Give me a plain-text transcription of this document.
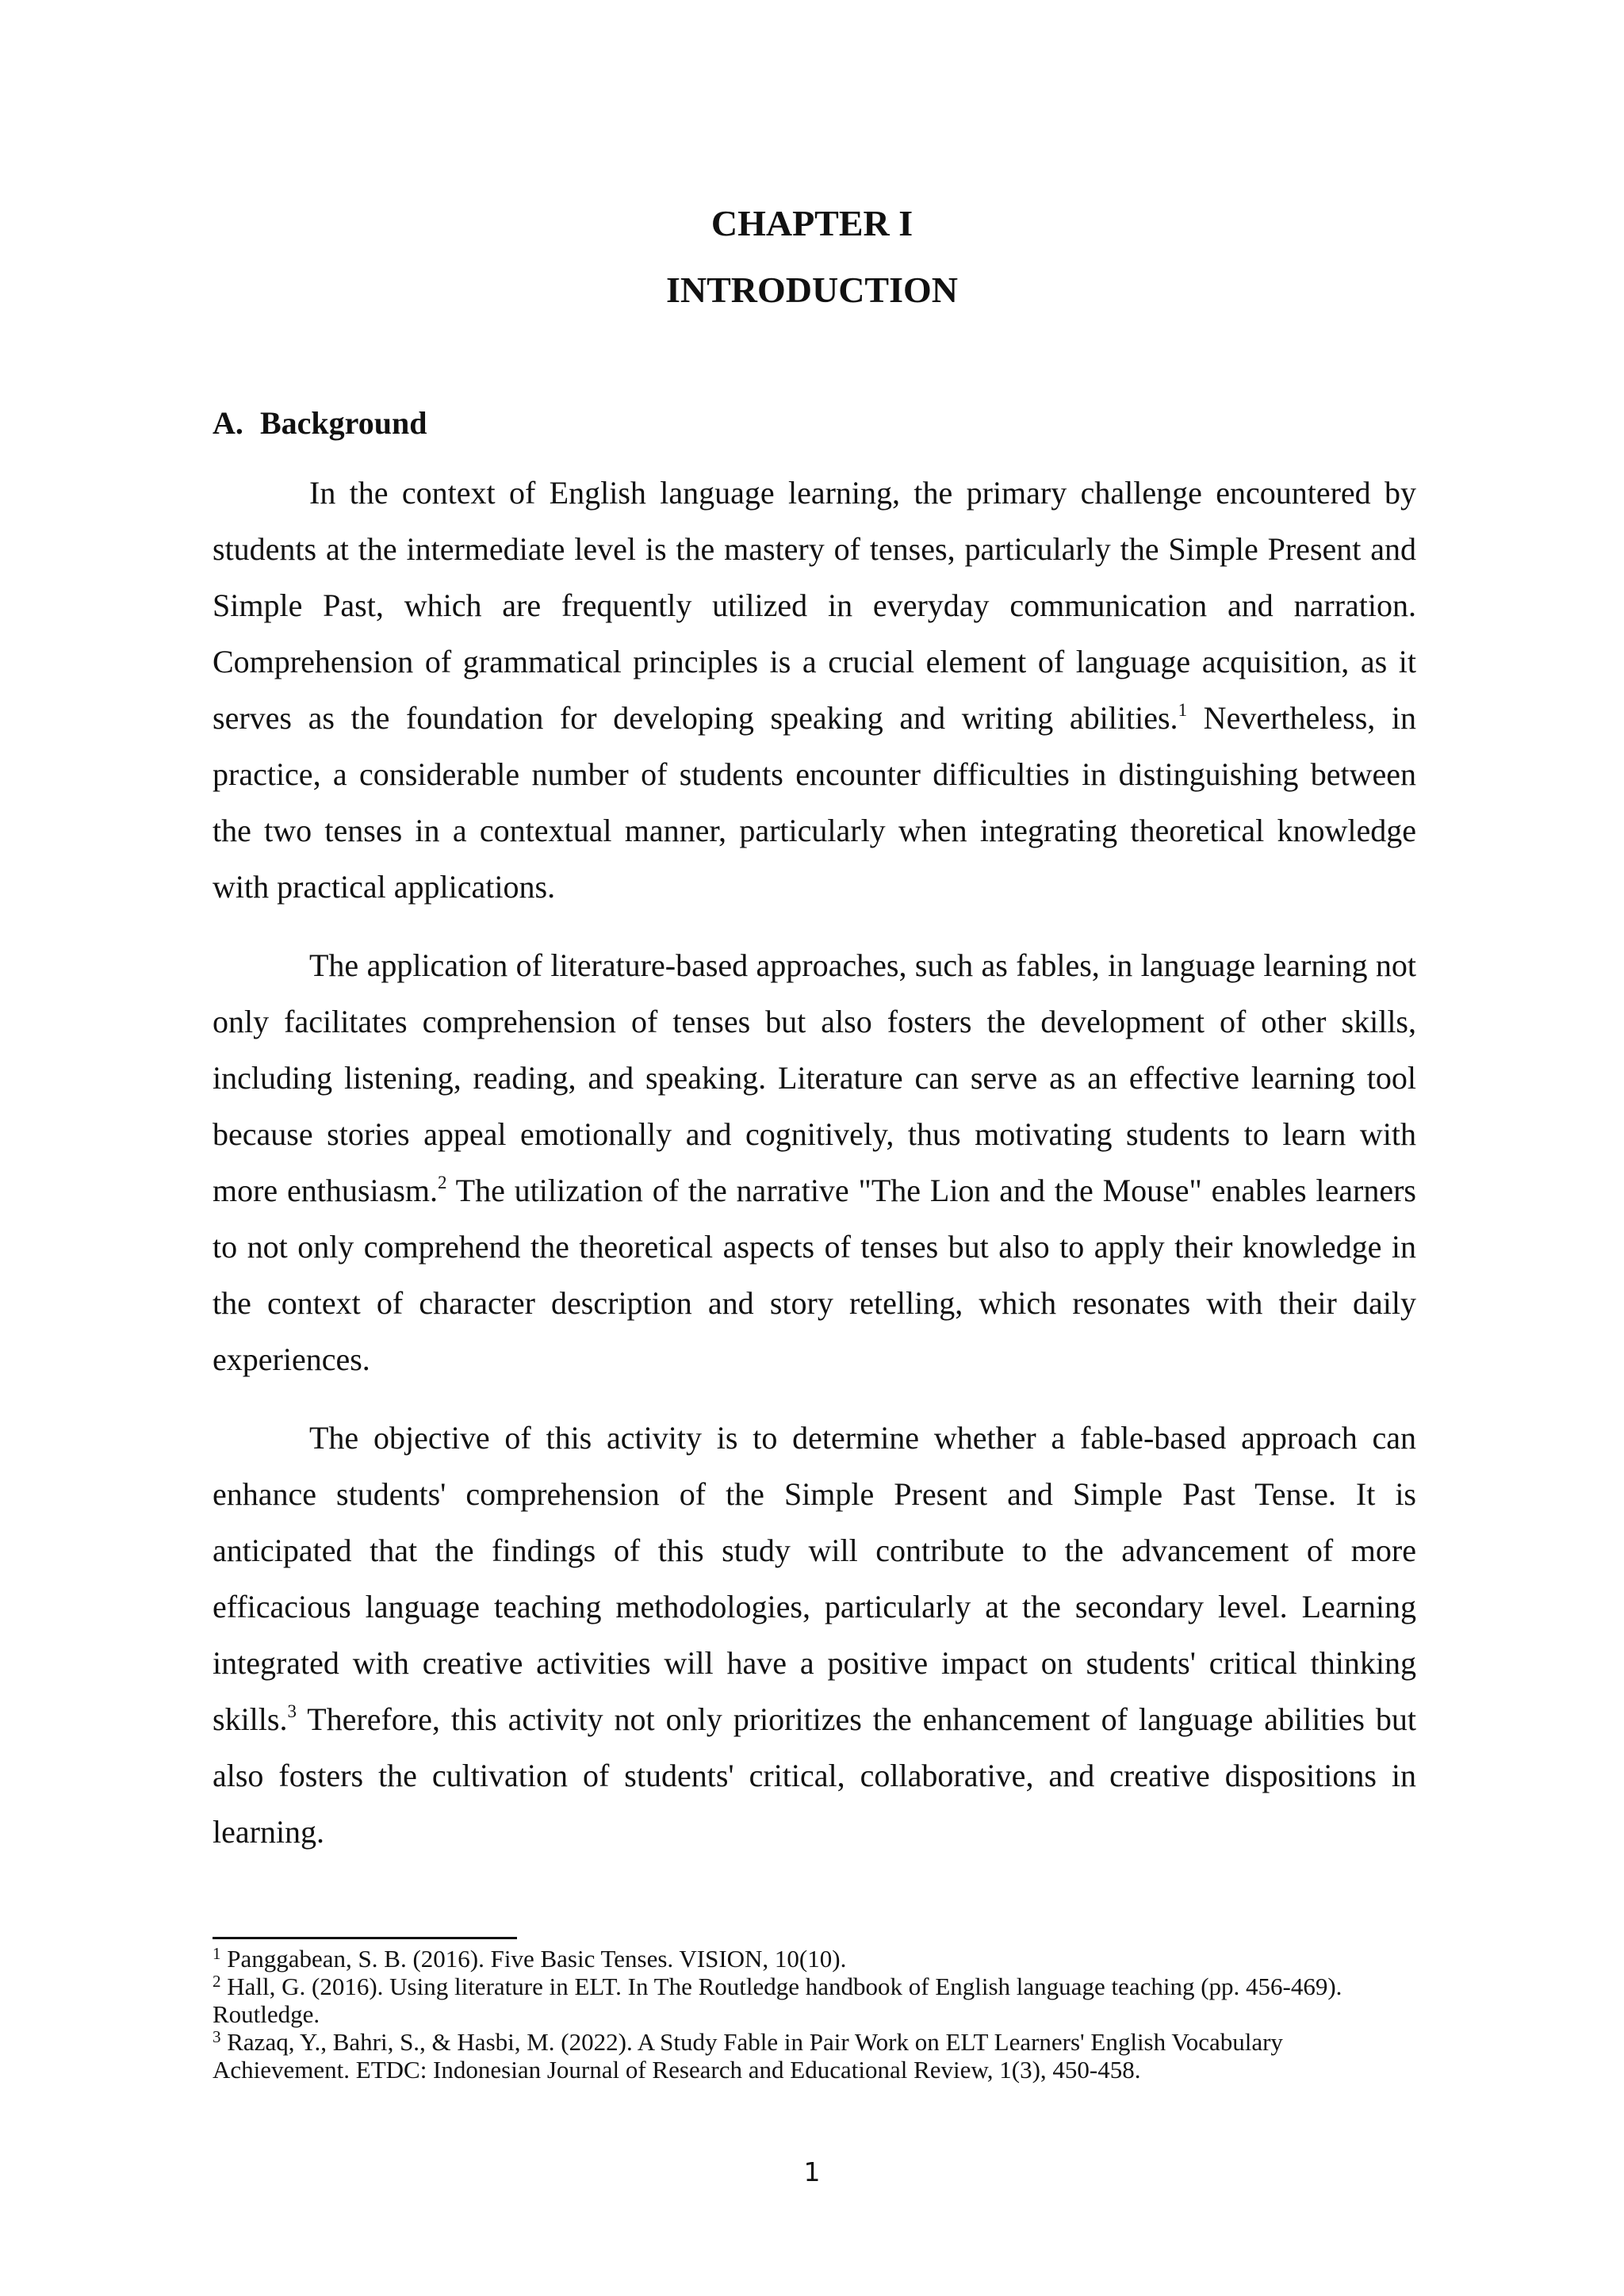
CHAPTER I
INTRODUCTION
A. Background

In the context of English language learning, the primary challenge encountered by students at the intermediate level is the mastery of tenses, particularly the Simple Present and Simple Past, which are frequently utilized in everyday communication and narration. Comprehension of grammatical principles is a crucial element of language acquisition, as it serves as the foundation for developing speaking and writing abilities.$^1$ Nevertheless, in practice, a considerable number of students encounter difficulties in distinguishing between the two tenses in a contextual manner, particularly when integrating theoretical knowledge with practical applications.

The application of literature-based approaches, such as fables, in language learning not only facilitates comprehension of tenses but also fosters the development of other skills, including listening, reading, and speaking. Literature can serve as an effective learning tool because stories appeal emotionally and cognitively, thus motivating students to learn with more enthusiasm.$^2$ The utilization of the narrative "The Lion and the Mouse" enables learners to not only comprehend the theoretical aspects of tenses but also to apply their knowledge in the context of character description and story retelling, which resonates with their daily experiences.

The objective of this activity is to determine whether a fable-based approach can enhance students' comprehension of the Simple Present and Simple Past Tense. It is anticipated that the findings of this study will contribute to the advancement of more efficacious language teaching methodologies, particularly at the secondary level. Learning integrated with creative activities will have a positive impact on students' critical thinking skills.$^3$ Therefore, this activity not only prioritizes the enhancement of language abilities but also fosters the cultivation of students' critical, collaborative, and creative dispositions in learning.

$^1$ Panggabean, S. B. (2016). Five Basic Tenses. VISION, 10(10).

$^2$ Hall, G. (2016). Using literature in ELT. In The Routledge handbook of English language teaching (pp. 456-469). Routledge.

$^3$ Razaq, Y., Bahri, S., & Hasbi, M. (2022). A Study Fable in Pair Work on ELT Learners' English Vocabulary Achievement. ETDC: Indonesian Journal of Research and Educational Review, 1(3), 450-458.

1
